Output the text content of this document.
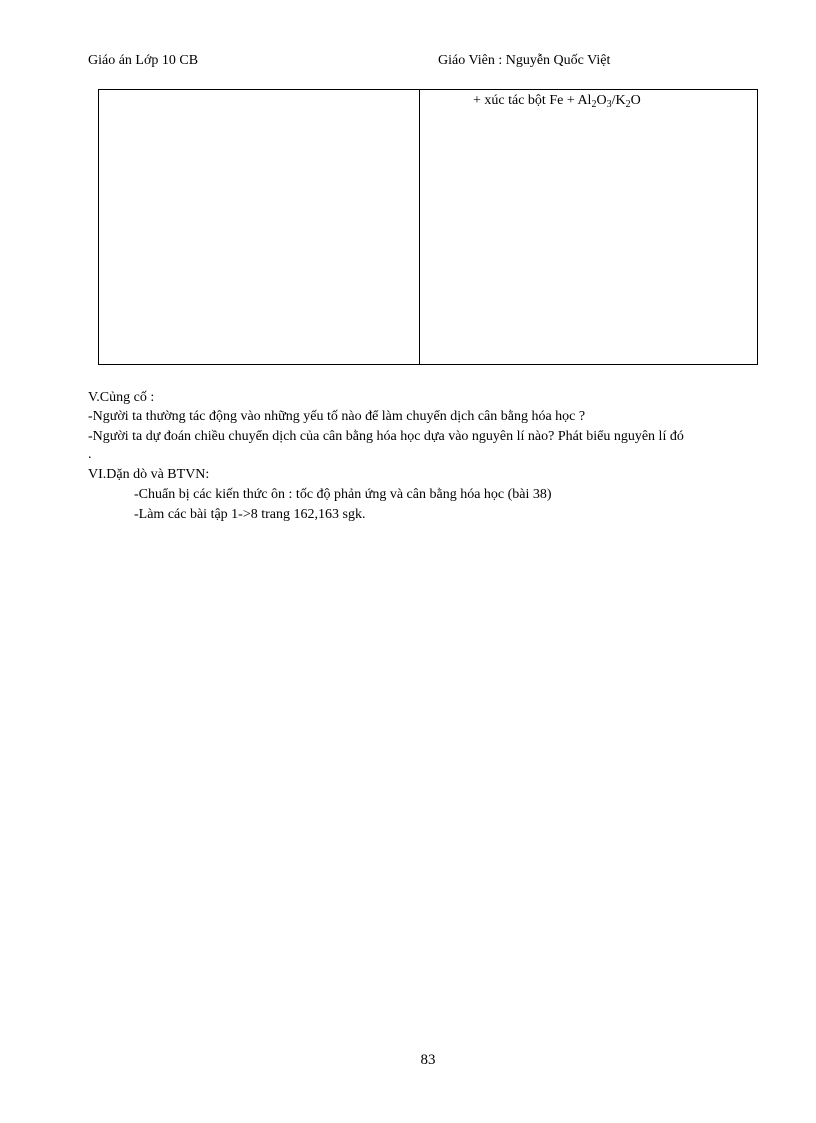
Giáo án Lớp 10 CB	Giáo Viên : Nguyễn Quốc Việt
+ xúc tác bột $Fe + Al_2O_3/K_2O$
V.Củng cố :
-Người ta thường tác động vào những yếu tố nào để làm chuyển dịch cân bằng hóa học ?
-Người ta dự đoán chiều chuyển dịch của cân bằng hóa học dựa vào nguyên lí nào? Phát biểu nguyên lí đó
.
VI.Dặn dò và BTVN:
-Chuẩn bị các kiến thức ôn : tốc độ phản ứng và cân bằng hóa học (bài 38)
-Làm các bài tập 1->8 trang 162,163 sgk.
83
